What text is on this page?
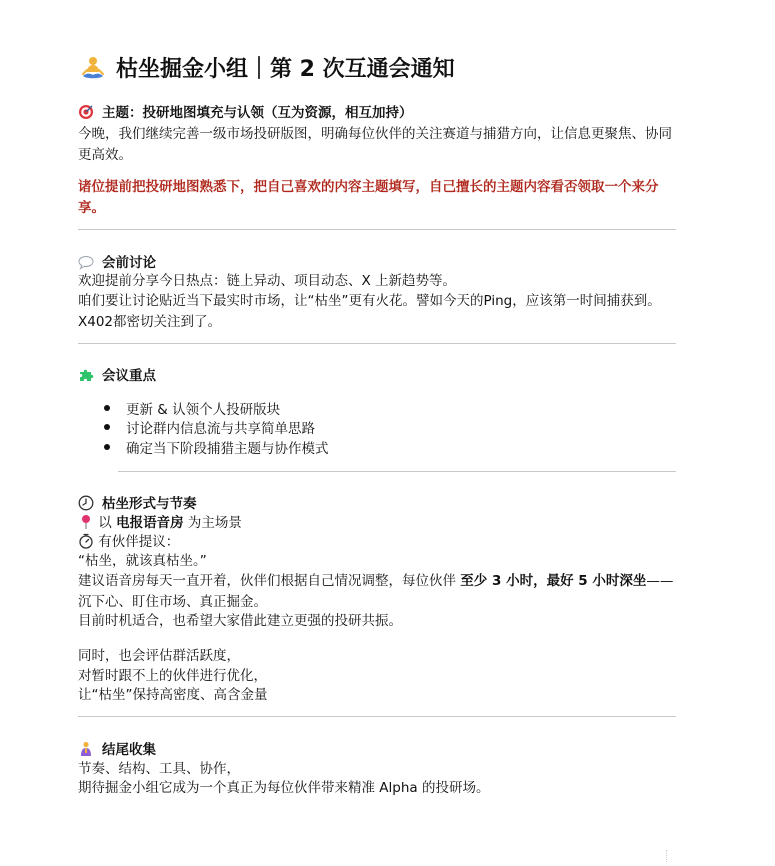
枯坐掘金小组｜第 2 次互通会通知
主题：投研地图填充与认领（互为资源，相互加持）
今晚，我们继续完善一级市场投研版图，明确每位伙伴的关注赛道与捕猎方向，让信息更聚焦、协同更高效。
诸位提前把投研地图熟悉下，把自己喜欢的内容主题填写，自己擅长的主题内容看否领取一个来分享。
会前讨论
欢迎提前分享今日热点：链上异动、项目动态、X 上新趋势等。
咱们要让讨论贴近当下最实时市场，让“枯坐”更有火花。譬如今天的Ping，应该第一时间捕获到。X402都密切关注到了。
会议重点
更新 & 认领个人投研版块
讨论群内信息流与共享简单思路
确定当下阶段捕猎主题与协作模式
枯坐形式与节奏
以 电报语音房 为主场景
有伙伴提议：
“枯坐，就该真枯坐。”
建议语音房每天一直开着，伙伴们根据自己情况调整，每位伙伴 至少 3 小时，最好 5 小时深坐——沉下心、盯住市场、真正掘金。
目前时机适合，也希望大家借此建立更强的投研共振。
同时，也会评估群活跃度，
对暂时跟不上的伙伴进行优化，
让“枯坐”保持高密度、高含金量
结尾收集
节奏、结构、工具、协作，
期待掘金小组它成为一个真正为每位伙伴带来精准 Alpha 的投研场。
